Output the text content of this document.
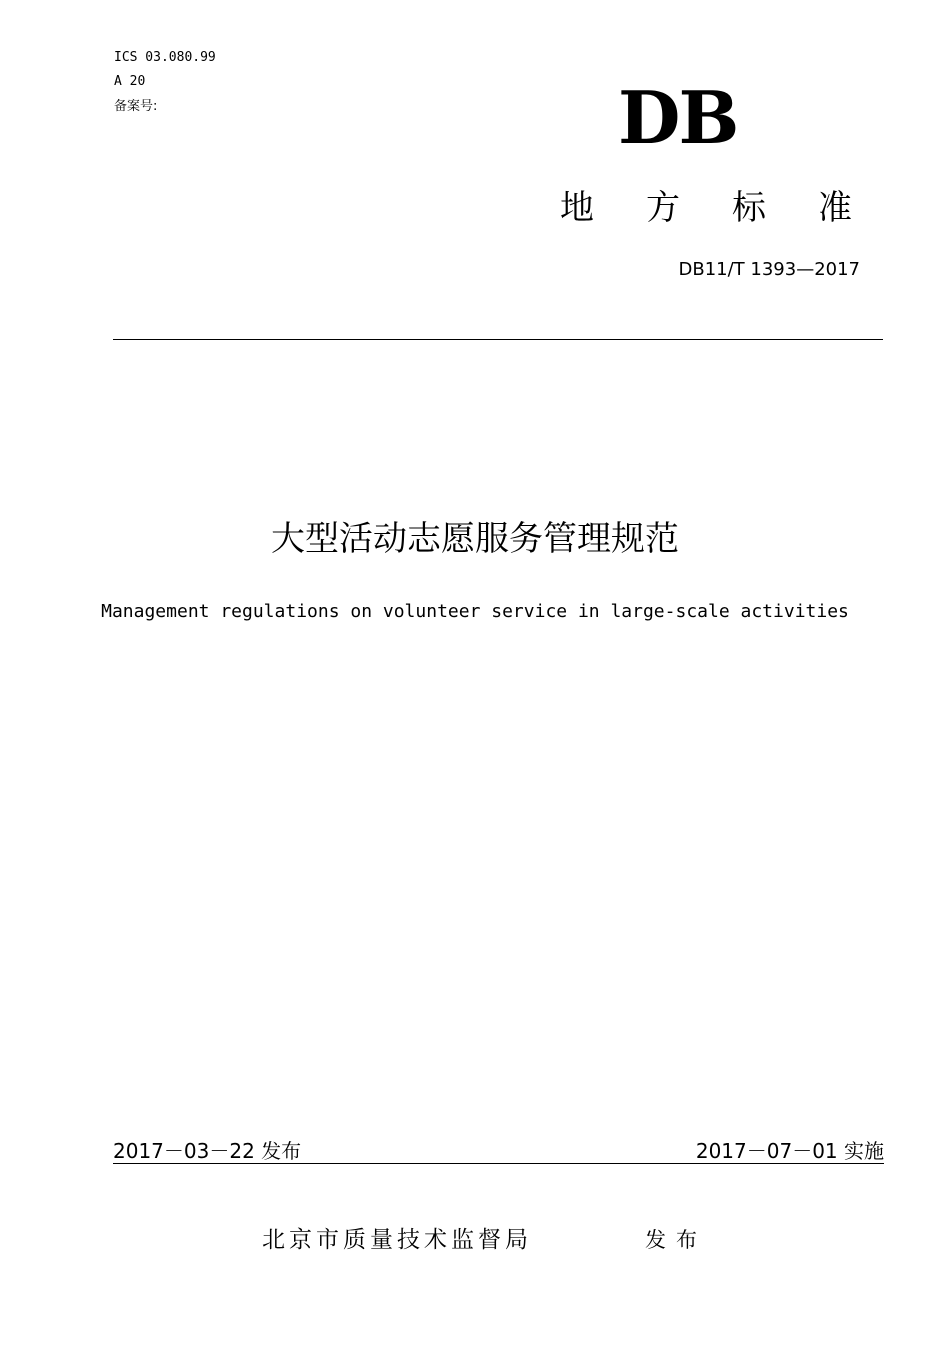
ICS 03.080.99
A 20
备案号:	DB
地方标准
DB11/T 1393—2017
大型活动志愿服务管理规范
Management regulations on volunteer service in large-scale activities
2017－03－22 发布	2017－07－01 实施
北京市质量技术监督局	发布
